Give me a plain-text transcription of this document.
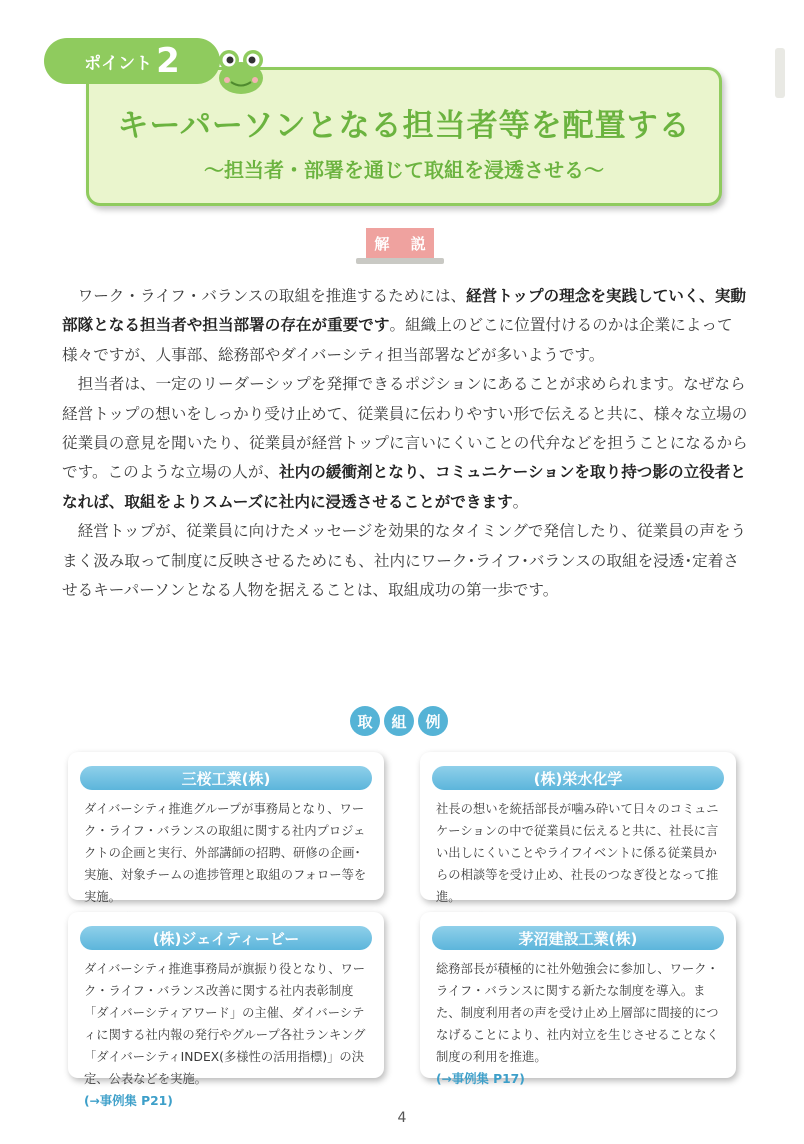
ポイント 2
キーパーソンとなる担当者等を配置する
〜担当者・部署を通じて取組を浸透させる〜
解 説

ワーク・ライフ・バランスの取組を推進するためには、経営トップの理念を実践していく、実動部隊となる担当者や担当部署の存在が重要です。組織上のどこに位置付けるのかは企業によって様々ですが、人事部、総務部やダイバーシティ担当部署などが多いようです。

担当者は、一定のリーダーシップを発揮できるポジションにあることが求められます。なぜなら経営トップの想いをしっかり受け止めて、従業員に伝わりやすい形で伝えると共に、様々な立場の従業員の意見を聞いたり、従業員が経営トップに言いにくいことの代弁などを担うことになるからです。このような立場の人が、社内の緩衝剤となり、コミュニケーションを取り持つ影の立役者となれば、取組をよりスムーズに社内に浸透させることができます。

経営トップが、従業員に向けたメッセージを効果的なタイミングで発信したり、従業員の声をうまく汲み取って制度に反映させるためにも、社内にワーク･ライフ･バランスの取組を浸透･定着させるキーパーソンとなる人物を据えることは、取組成功の第一歩です。

取	組	例
三桜工業(株)
ダイバーシティ推進グループが事務局となり、ワーク・ライフ・バランスの取組に関する社内プロジェクトの企画と実行、外部講師の招聘、研修の企画･実施、対象チームの進捗管理と取組のフォロー等を実施。
(株)栄水化学
社長の想いを統括部長が噛み砕いて日々のコミュニケーションの中で従業員に伝えると共に、社長に言い出しにくいことやライフイベントに係る従業員からの相談等を受け止め、社長のつなぎ役となって推進。
(株)ジェイティービー
ダイバーシティ推進事務局が旗振り役となり、ワーク・ライフ・バランス改善に関する社内表彰制度「ダイバーシティアワード」の主催、ダイバーシティに関する社内報の発行やグループ各社ランキング「ダイバーシティINDEX(多様性の活用指標)」の決定、公表などを実施。
(→事例集 P21)
茅沼建設工業(株)
総務部長が積極的に社外勉強会に参加し、ワーク・ライフ・バランスに関する新たな制度を導入。また、制度利用者の声を受け止め上層部に間接的につなげることにより、社内対立を生じさせることなく制度の利用を推進。
(→事例集 P17)
4
